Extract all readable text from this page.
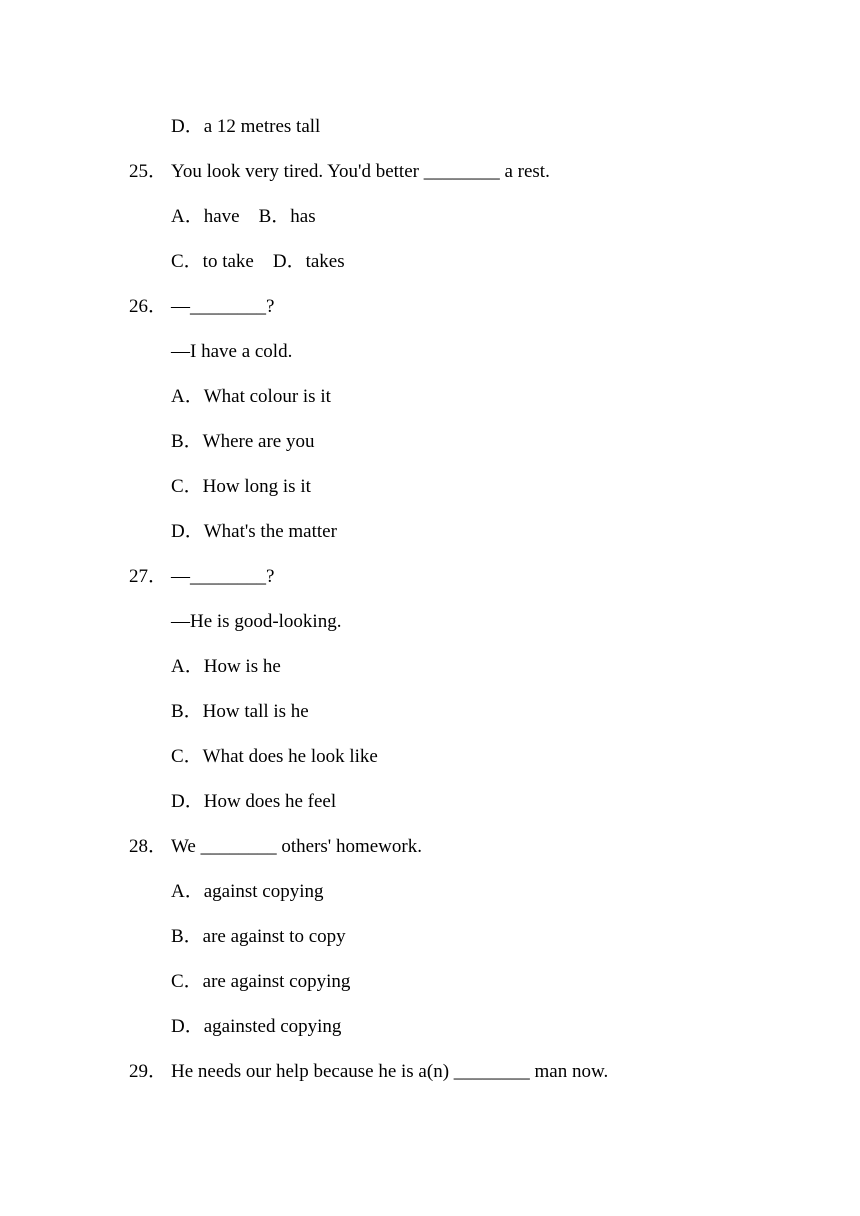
D．a 12 metres tall
25． You look very tired. You'd better ________ a rest.
A．have　B．has
C．to take　D．takes
26． —________?
—I have a cold.
A．What colour is it
B．Where are you
C．How long is it
D．What's the matter
27． —________?
—He is good-looking.
A．How is he
B．How tall is he
C．What does he look like
D．How does he feel
28． We ________ others' homework.
A．against copying
B．are against to copy
C．are against copying
D．againsted copying
29． He needs our help because he is a(n) ________ man now.
